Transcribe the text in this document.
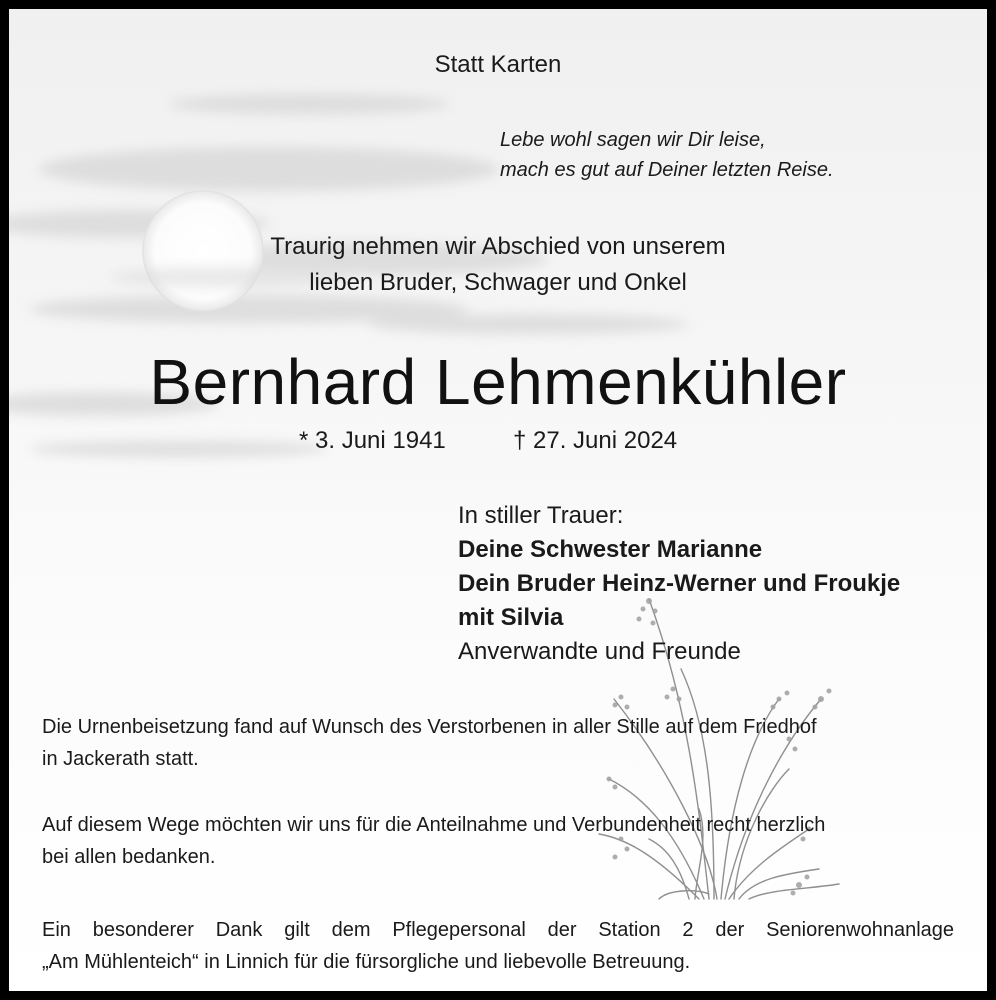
Statt Karten
Lebe wohl sagen wir Dir leise,
mach es gut auf Deiner letzten Reise.
Traurig nehmen wir Abschied von unserem
lieben Bruder, Schwager und Onkel
Bernhard Lehmenkühler
* 3. Juni 1941	† 27. Juni 2024
In stiller Trauer:
Deine Schwester Marianne
Dein Bruder Heinz-Werner und Froukje
mit Silvia
Anverwandte und Freunde
Die Urnenbeisetzung fand auf Wunsch des Verstorbenen in aller Stille auf dem Friedhof
in Jackerath statt.
Auf diesem Wege möchten wir uns für die Anteilnahme und Verbundenheit recht herzlich
bei allen bedanken.
Ein besonderer Dank gilt dem Pflegepersonal der Station 2 der Seniorenwohnanlage
„Am Mühlenteich“ in Linnich für die fürsorgliche und liebevolle Betreuung.
